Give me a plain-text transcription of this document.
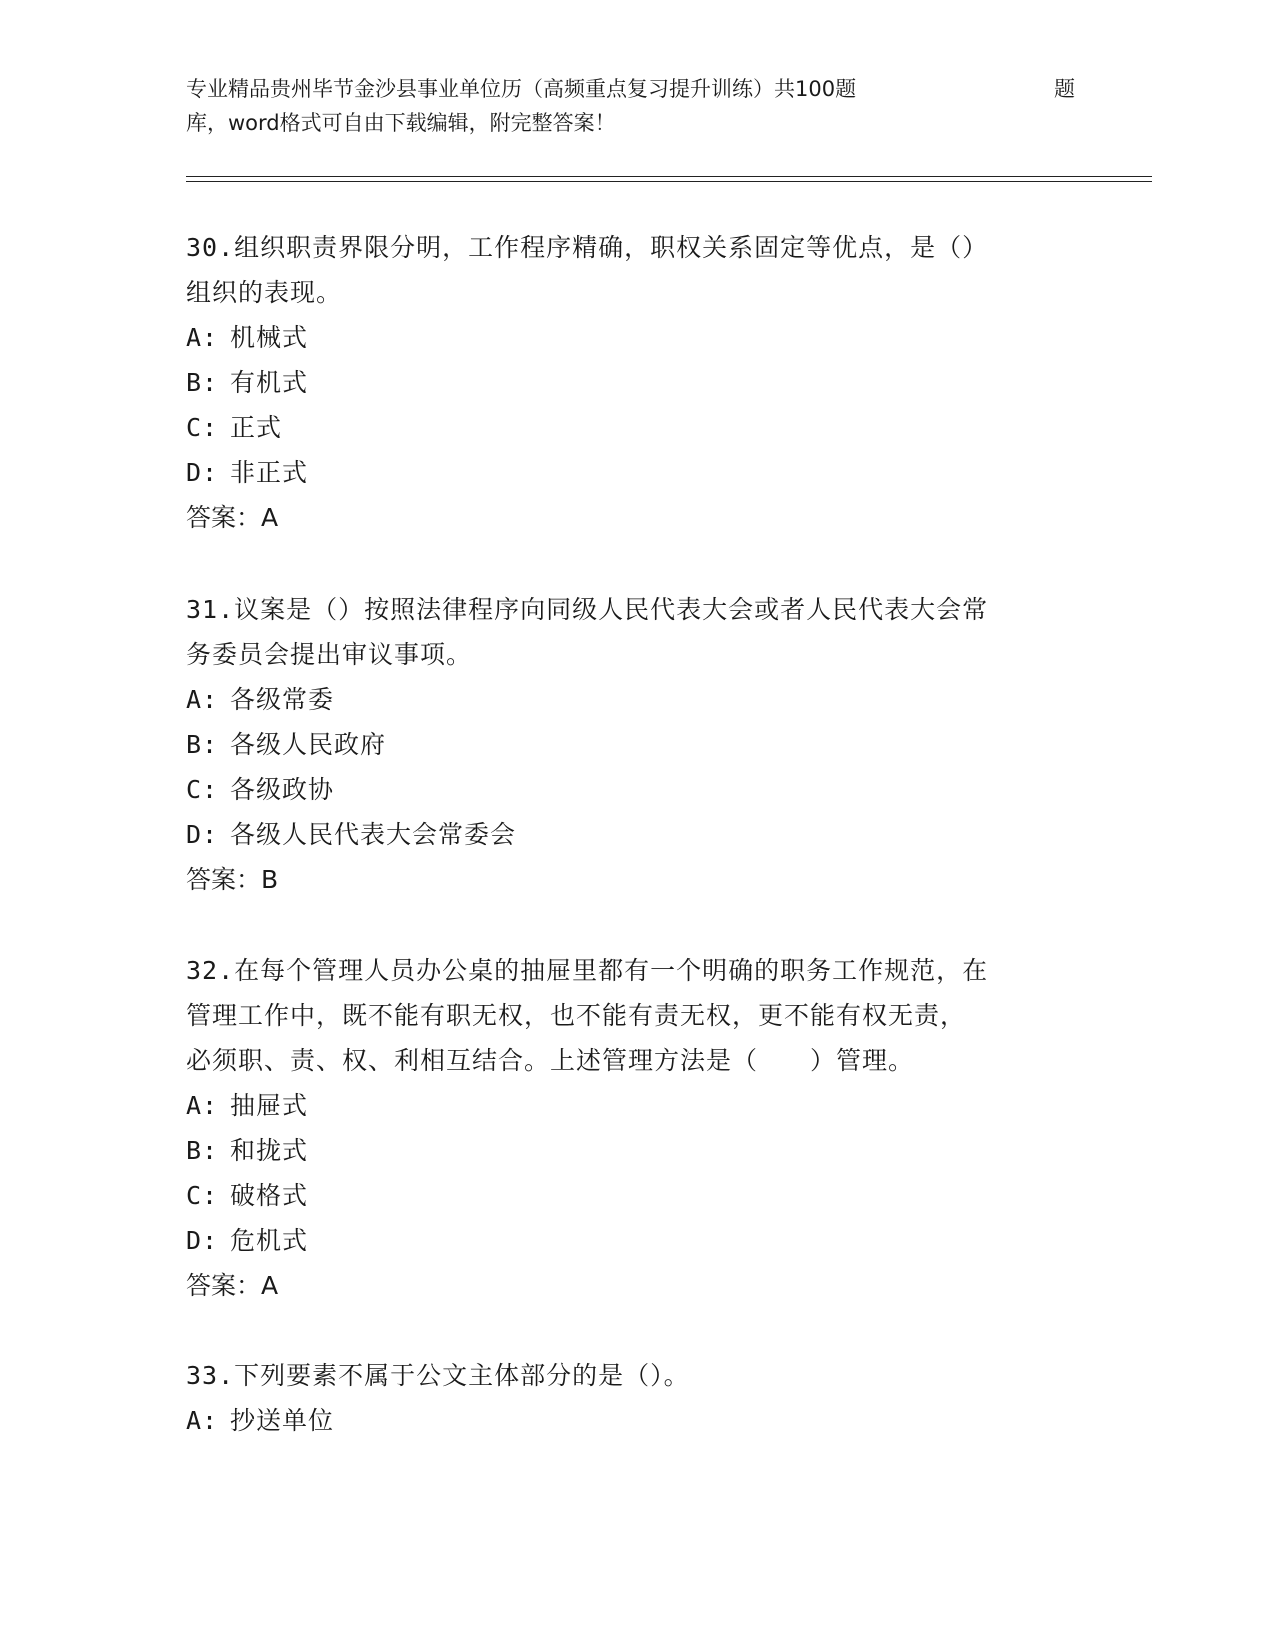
专业精品贵州毕节金沙县事业单位历（高频重点复习提升训练）共100题	题

库，word格式可自由下载编辑，附完整答案！

30.组织职责界限分明，工作程序精确，职权关系固定等优点，是（）

组织的表现。

A: 机械式
B: 有机式
C: 正式
D: 非正式
答案：A

31.议案是（）按照法律程序向同级人民代表大会或者人民代表大会常

务委员会提出审议事项。

A: 各级常委
B: 各级人民政府
C: 各级政协
D: 各级人民代表大会常委会
答案：B

32.在每个管理人员办公桌的抽屉里都有一个明确的职务工作规范，在

管理工作中，既不能有职无权，也不能有责无权，更不能有权无责，

必须职、责、权、利相互结合。上述管理方法是（　　）管理。

A: 抽屉式
B: 和拢式
C: 破格式
D: 危机式
答案：A

33.下列要素不属于公文主体部分的是（）。

A: 抄送单位
